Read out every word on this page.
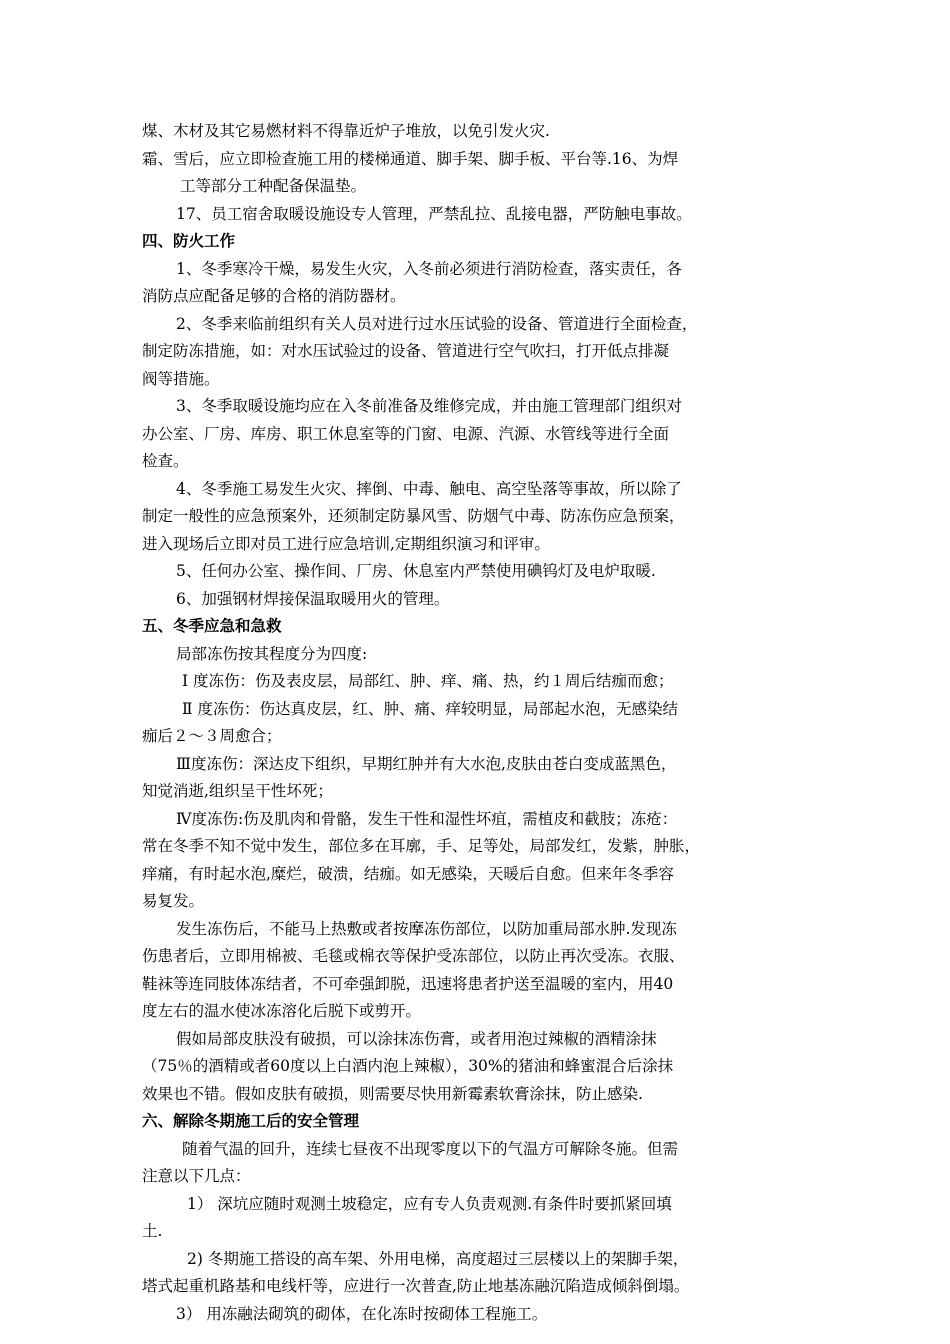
煤、木材及其它易燃材料不得靠近炉子堆放，以免引发火灾.
霜、雪后，应立即检查施工用的楼梯通道、脚手架、脚手板、平台等.16、为焊
工等部分工种配备保温垫。
17、员工宿舍取暖设施设专人管理，严禁乱拉、乱接电器，严防触电事故。
四、防火工作
1、冬季寒冷干燥，易发生火灾，入冬前必须进行消防检查，落实责任，各
消防点应配备足够的合格的消防器材。
2、冬季来临前组织有关人员对进行过水压试验的设备、管道进行全面检查，
制定防冻措施，如：对水压试验过的设备、管道进行空气吹扫，打开低点排凝
阀等措施。
3、冬季取暖设施均应在入冬前准备及维修完成，并由施工管理部门组织对
办公室、厂房、库房、职工休息室等的门窗、电源、汽源、水管线等进行全面
检查。
4、冬季施工易发生火灾、摔倒、中毒、触电、高空坠落等事故，所以除了
制定一般性的应急预案外，还须制定防暴风雪、防烟气中毒、防冻伤应急预案，
进入现场后立即对员工进行应急培训,定期组织演习和评审。
5、任何办公室、操作间、厂房、休息室内严禁使用碘钨灯及电炉取暖.
6、加强钢材焊接保温取暖用火的管理。
五、冬季应急和急救
局部冻伤按其程度分为四度:
Ⅰ 度冻伤：伤及表皮层，局部红、肿、痒、痛、热，约１周后结痂而愈；
Ⅱ 度冻伤：伤达真皮层，红、肿、痛、痒较明显，局部起水泡，无感染结
痂后２～３周愈合；
Ⅲ度冻伤：深达皮下组织，早期红肿并有大水泡,皮肤由苍白变成蓝黑色，
知觉消逝,组织呈干性坏死；
Ⅳ度冻伤:伤及肌肉和骨骼，发生干性和湿性坏疽，需植皮和截肢；冻疮：
常在冬季不知不觉中发生，部位多在耳廓，手、足等处，局部发红，发紫，肿胀，
痒痛，有时起水泡,糜烂，破溃，结痂。如无感染，天暖后自愈。但来年冬季容
易复发。
发生冻伤后，不能马上热敷或者按摩冻伤部位，以防加重局部水肿.发现冻
伤患者后，立即用棉被、毛毯或棉衣等保护受冻部位，以防止再次受冻。衣服、
鞋袜等连同肢体冻结者，不可牵强卸脱，迅速将患者护送至温暖的室内，用40
度左右的温水使冰冻溶化后脱下或剪开。
假如局部皮肤没有破损，可以涂抹冻伤膏，或者用泡过辣椒的酒精涂抹
（75％的酒精或者60度以上白酒内泡上辣椒），30%的猪油和蜂蜜混合后涂抹
效果也不错。假如皮肤有破损，则需要尽快用新霉素软膏涂抹，防止感染.
六、解除冬期施工后的安全管理
随着气温的回升，连续七昼夜不出现零度以下的气温方可解除冬施。但需
注意以下几点：
1） 深坑应随时观测土坡稳定，应有专人负责观测.有条件时要抓紧回填
土.
2) 冬期施工搭设的高车架、外用电梯，高度超过三层楼以上的架脚手架，
塔式起重机路基和电线杆等，应进行一次普查,防止地基冻融沉陷造成倾斜倒塌。
3） 用冻融法砌筑的砌体，在化冻时按砌体工程施工。
